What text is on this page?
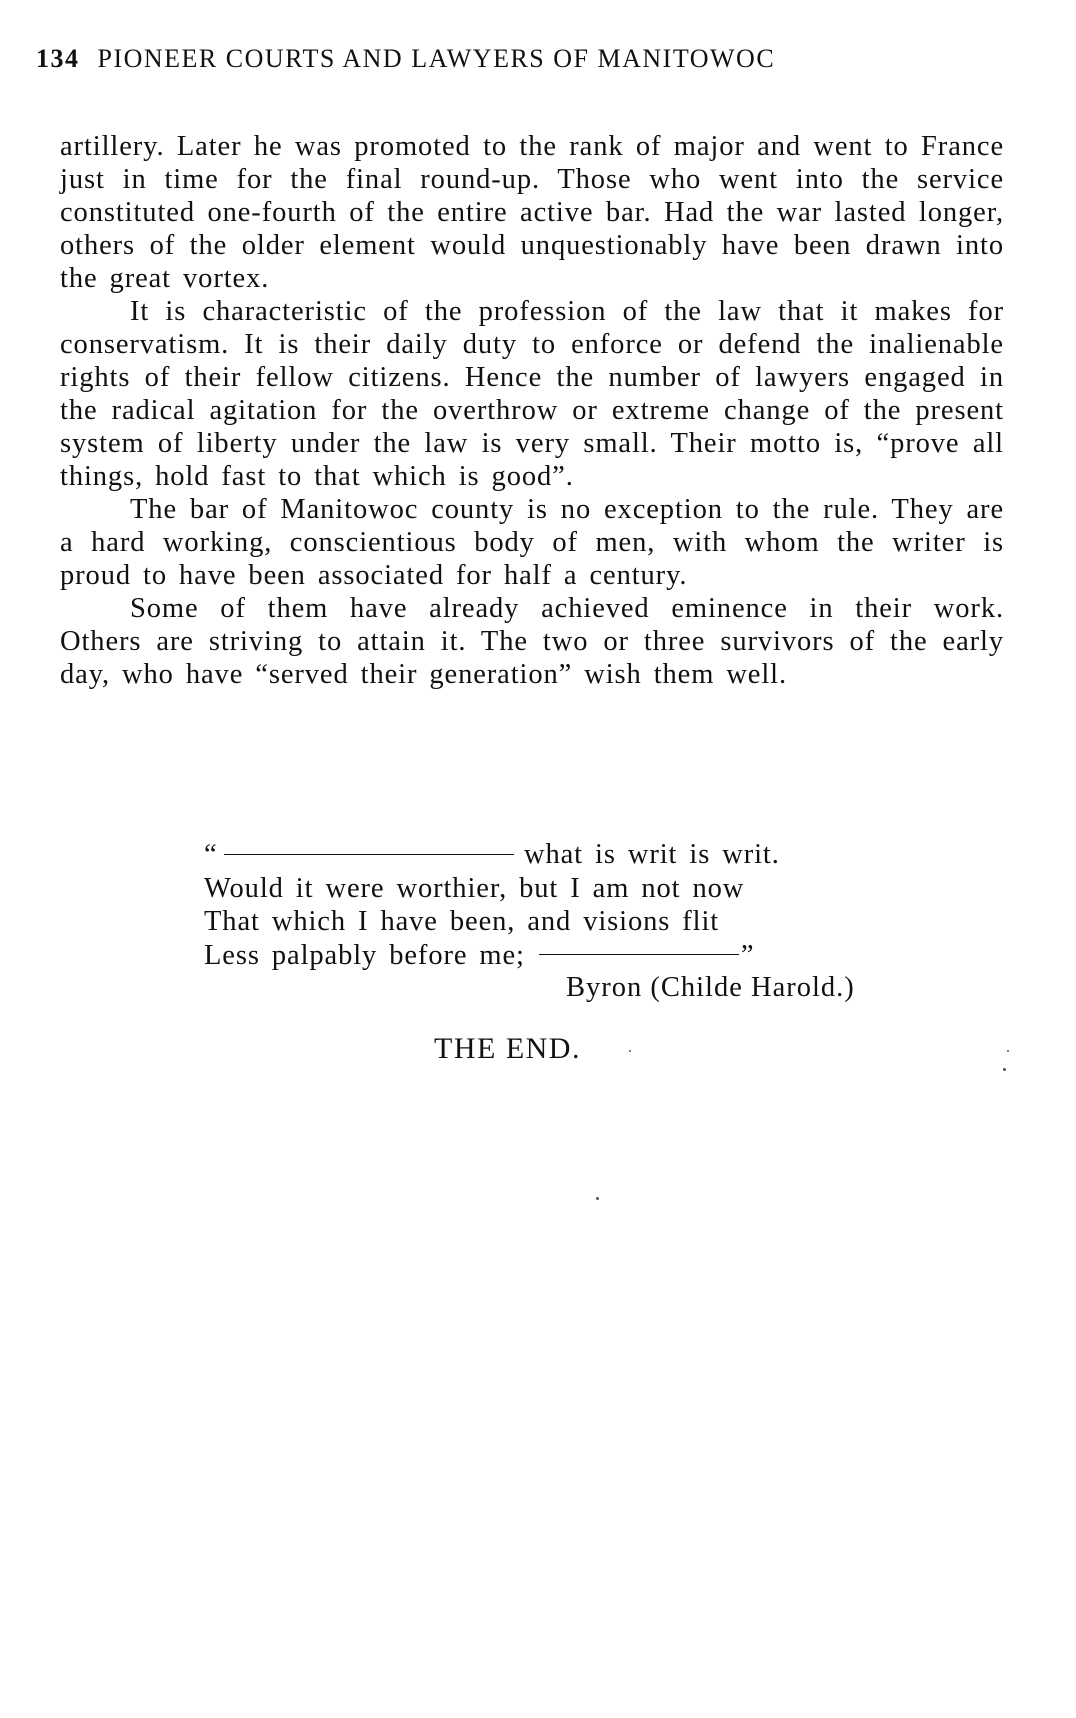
134 PIONEER COURTS AND LAWYERS OF MANITOWOC

artillery. Later he was promoted to the rank of major and went to France just in time for the final round-up. Those who went into the service constituted one-fourth of the entire active bar. Had the war lasted longer, others of the older element would unquestionably have been drawn into the great vortex.

It is characteristic of the profession of the law that it makes for conservatism. It is their daily duty to enforce or defend the inalienable rights of their fellow citizens. Hence the number of lawyers engaged in the radical agitation for the overthrow or extreme change of the present system of liberty under the law is very small. Their motto is, “prove all things, hold fast to that which is good”.

The bar of Manitowoc county is no exception to the rule. They are a hard working, conscientious body of men, with whom the writer is proud to have been associated for half a century.

Some of them have already achieved eminence in their work. Others are striving to attain it. The two or three survivors of the early day, who have “served their generation” wish them well.

“	what is writ is writ.
Would it were worthier, but I am not now
That which I have been, and visions flit
Less palpably before me;	”
Byron (Childe Harold.)
THE END.
